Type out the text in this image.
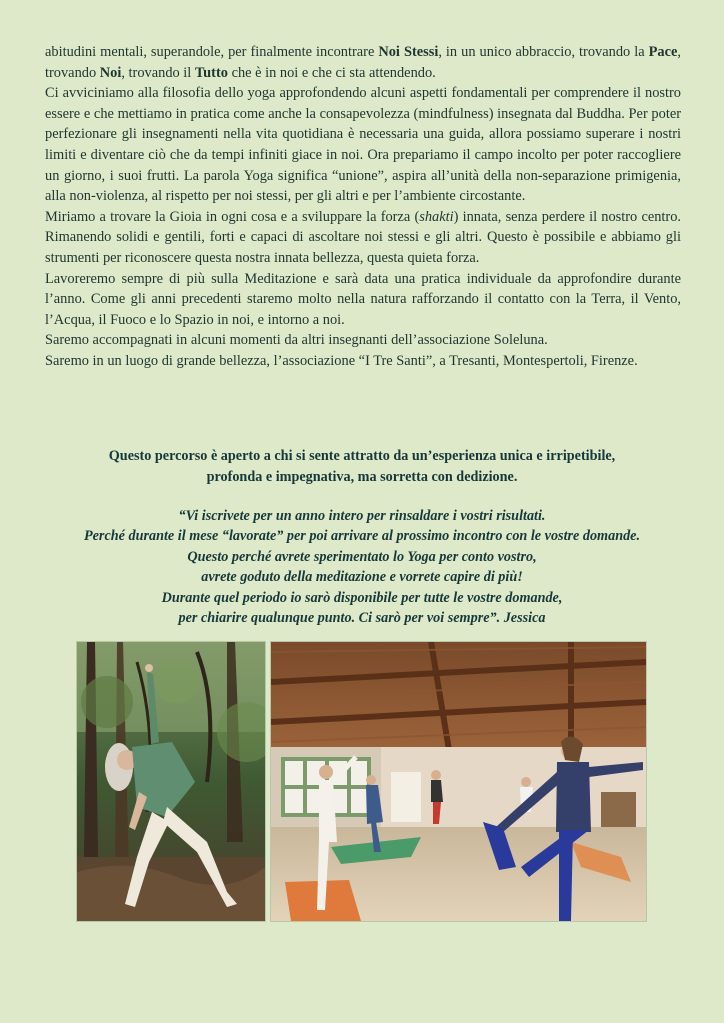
abitudini mentali, superandole, per finalmente incontrare Noi Stessi, in un unico abbraccio, trovando la Pace, trovando Noi, trovando il Tutto che è in noi e che ci sta attendendo.

Ci avviciniamo alla filosofia dello yoga approfondendo alcuni aspetti fondamentali per comprendere il nostro essere e che mettiamo in pratica come anche la consapevolezza (mindfulness) insegnata dal Buddha. Per poter perfezionare gli insegnamenti nella vita quotidiana è necessaria una guida, allora possiamo superare i nostri limiti e diventare ciò che da tempi infiniti giace in noi. Ora prepariamo il campo incolto per poter raccogliere un giorno, i suoi frutti. La parola Yoga significa “unione”, aspira all’unità della non-separazione primigenia, alla non-violenza, al rispetto per noi stessi, per gli altri e per l’ambiente circostante.

Miriamo a trovare la Gioia in ogni cosa e a sviluppare la forza (shakti) innata, senza perdere il nostro centro. Rimanendo solidi e gentili, forti e capaci di ascoltare noi stessi e gli altri. Questo è possibile e abbiamo gli strumenti per riconoscere questa nostra innata bellezza, questa quieta forza.

Lavoreremo sempre di più sulla Meditazione e sarà data una pratica individuale da approfondire durante l’anno. Come gli anni precedenti staremo molto nella natura rafforzando il contatto con la Terra, il Vento, l’Acqua, il Fuoco e lo Spazio in noi, e intorno a noi.

Saremo accompagnati in alcuni momenti da altri insegnanti dell’associazione Soleluna.

Saremo in un luogo di grande bellezza, l’associazione “I Tre Santi”, a Tresanti, Montespertoli, Firenze.

Questo percorso è aperto a chi si sente attratto da un’esperienza unica e irripetibile,
profonda e impegnativa, ma sorretta con dedizione.
“Vi iscrivete per un anno intero per rinsaldare i vostri risultati.
Perché durante il mese “lavorate” per poi arrivare al prossimo incontro con le vostre domande.
Questo perché avrete sperimentato lo Yoga per conto vostro,
avrete goduto della meditazione e vorrete capire di più!
Durante quel periodo io sarò disponibile per tutte le vostre domande,
per chiarire qualunque punto. Ci sarò per voi sempre”. Jessica
